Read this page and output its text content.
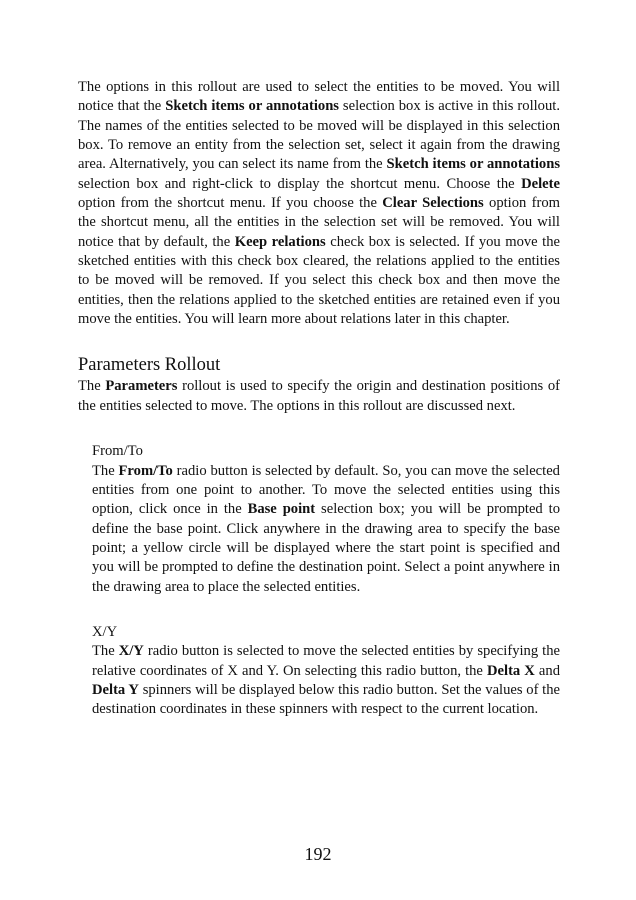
The options in this rollout are used to select the entities to be moved. You will notice that the Sketch items or annotations selection box is active in this rollout. The names of the entities selected to be moved will be displayed in this selection box. To remove an entity from the selection set, select it again from the drawing area. Alternatively, you can select its name from the Sketch items or annotations selection box and right-click to display the shortcut menu. Choose the Delete option from the shortcut menu. If you choose the Clear Selections option from the shortcut menu, all the entities in the selection set will be removed. You will notice that by default, the Keep relations check box is selected. If you move the sketched entities with this check box cleared, the relations applied to the entities to be moved will be removed. If you select this check box and then move the entities, then the relations applied to the sketched entities are retained even if you move the entities. You will learn more about relations later in this chapter.

Parameters Rollout

The Parameters rollout is used to specify the origin and destination positions of the entities selected to move. The options in this rollout are discussed next.

From/To

The From/To radio button is selected by default. So, you can move the selected entities from one point to another. To move the selected entities using this option, click once in the Base point selection box; you will be prompted to define the base point. Click anywhere in the drawing area to specify the base point; a yellow circle will be displayed where the start point is specified and you will be prompted to define the destination point. Select a point anywhere in the drawing area to place the selected entities.

X/Y

The X/Y radio button is selected to move the selected entities by specifying the relative coordinates of X and Y. On selecting this radio button, the Delta X and Delta Y spinners will be displayed below this radio button. Set the values of the destination coordinates in these spinners with respect to the current location.

192
